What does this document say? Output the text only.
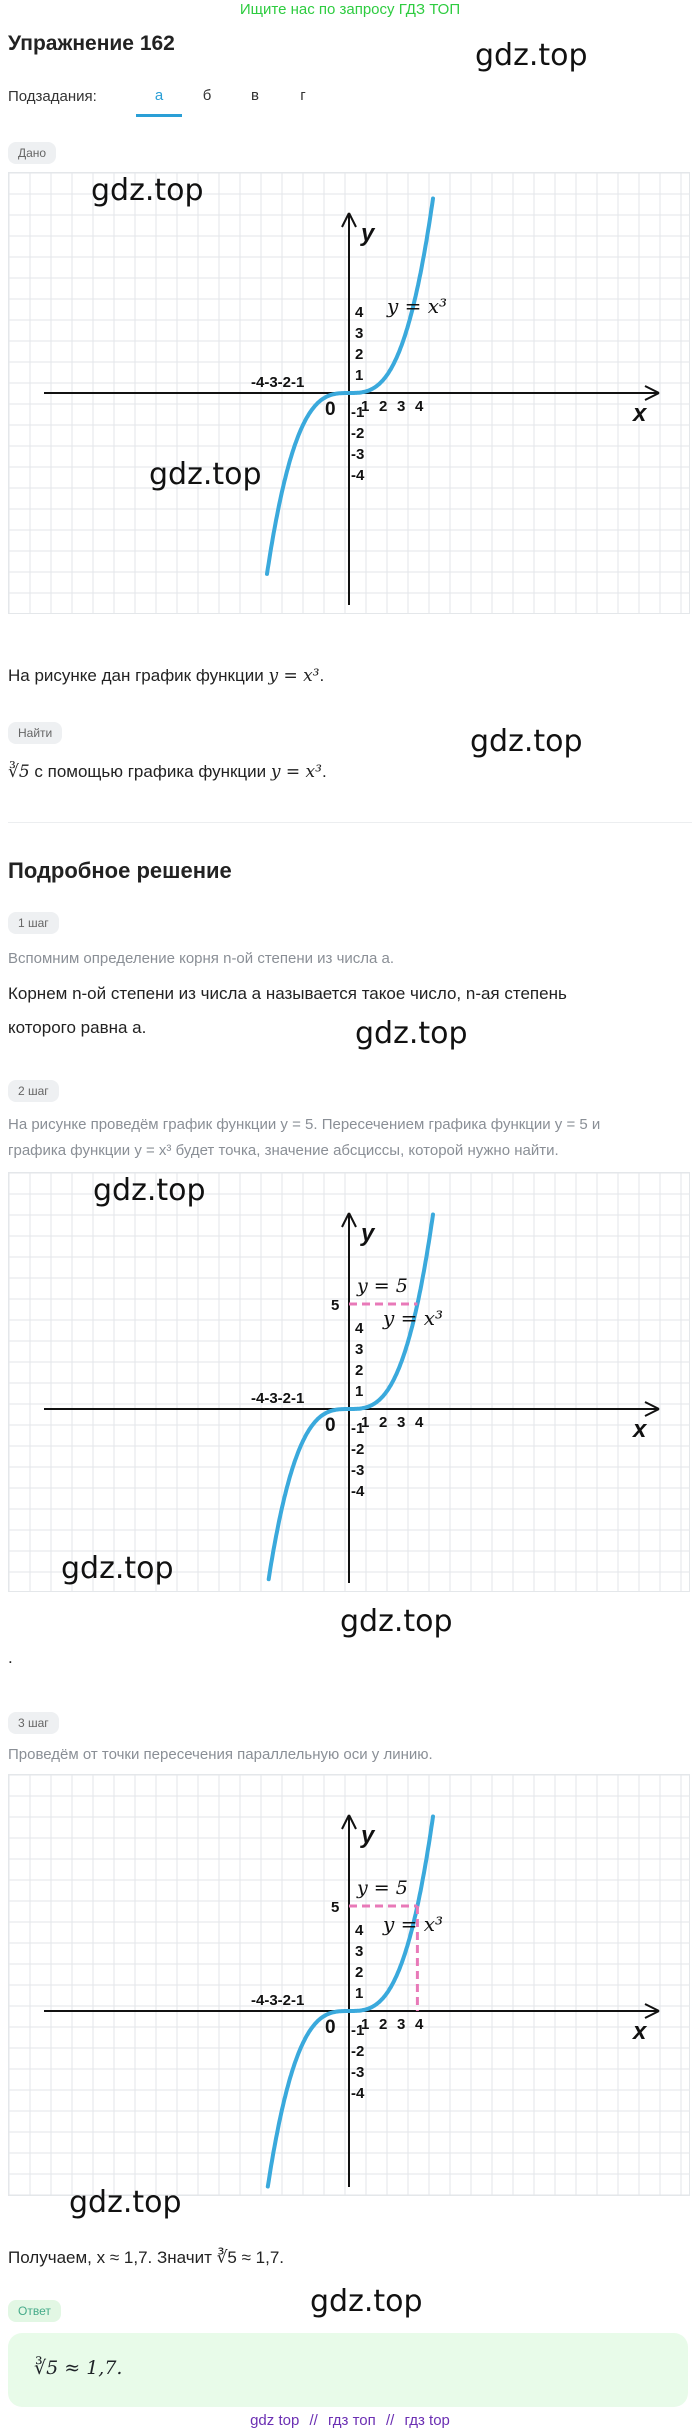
Ищите нас по запросу ГДЗ ТОП
Упражнение 162	gdz.top
Подзадания:	а	б	в	г
Дано
x
y
0
-4-3-2-1
1 2 3 4
4
3
2
1
-1
-2
-3
-4
y = x³
gdz.top
gdz.top
На рисунке дан график функции y = x³.
Найти	gdz.top
∛5 с помощью графика функции y = x³.
Подробное решение
1 шаг
Вспомним определение корня n-ой степени из числа a.
Корнем n-ой степени из числа a называется такое число, n-ая степень
которого равна a.	gdz.top
2 шаг
На рисунке проведём график функции y = 5. Пересечением графика функции y = 5 и
графика функции y = x³ будет точка, значение абсциссы, которой нужно найти.
x
y
0
-4-3-2-1
1 2 3 4
4
3
2
1
-1
-2
-3
-4
5
y = 5
y = x³
gdz.top
gdz.top
gdz.top
.
3 шаг
Проведём от точки пересечения параллельную оси y линию.
x
y
0
-4-3-2-1
1 2 3 4
4
3
2
1
-1
-2
-3
-4
5
y = 5
y = x³
gdz.top
Получаем, x ≈ 1,7. Значит ∛5 ≈ 1,7.
gdz.top
Ответ
∛5 ≈ 1,7.
gdz top // гдз топ // гдз top
